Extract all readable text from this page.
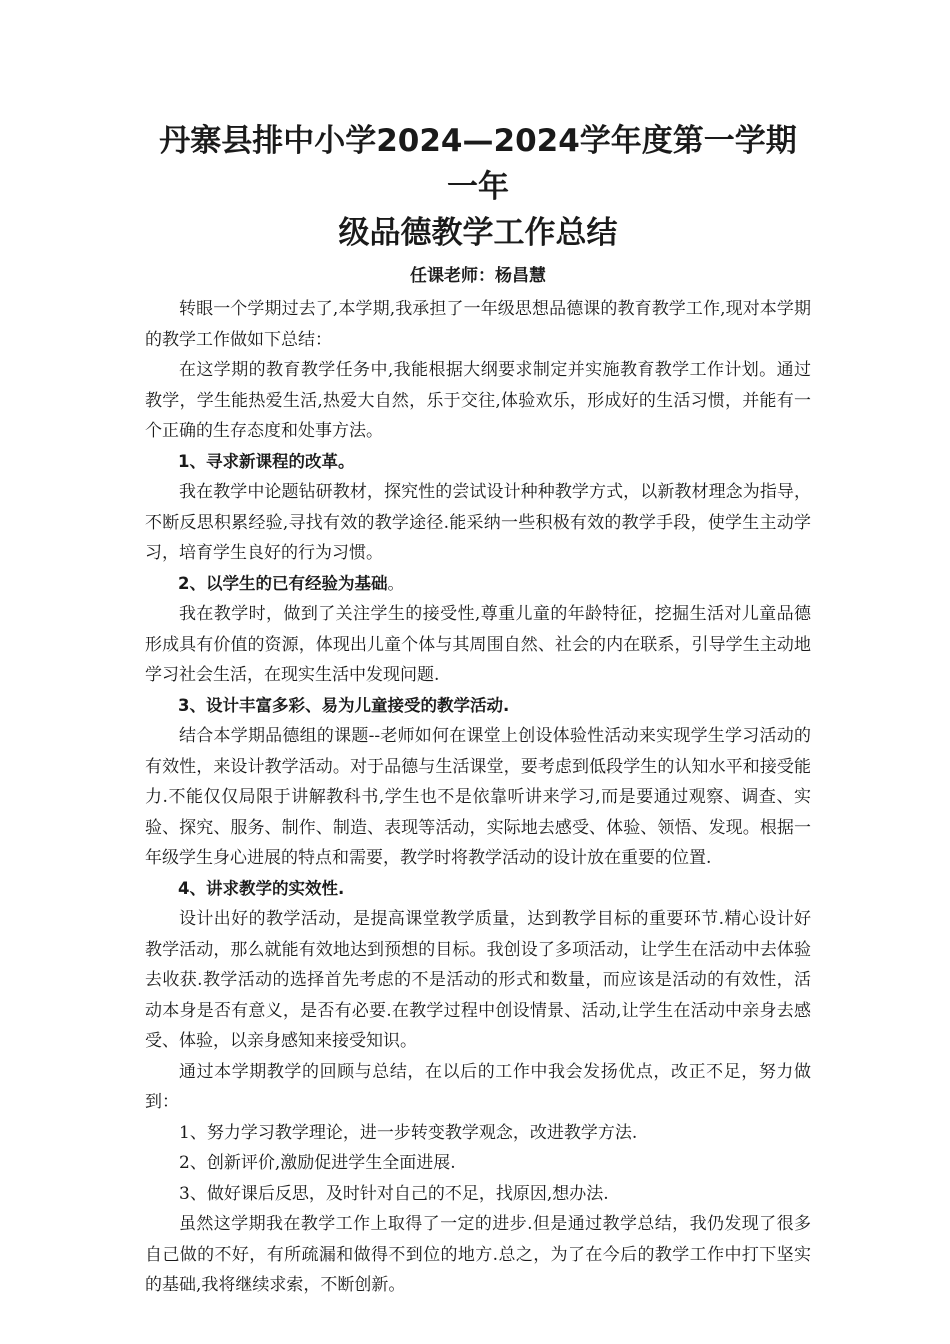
丹寨县排中小学2024—2024学年度第一学期一年
级品德教学工作总结
任课老师：杨昌慧

转眼一个学期过去了,本学期,我承担了一年级思想品德课的教育教学工作,现对本学期的教学工作做如下总结：

在这学期的教育教学任务中,我能根据大纲要求制定并实施教育教学工作计划。通过教学，学生能热爱生活,热爱大自然，乐于交往,体验欢乐，形成好的生活习惯，并能有一个正确的生存态度和处事方法。

1、寻求新课程的改革。

我在教学中论题钻研教材，探究性的尝试设计种种教学方式，以新教材理念为指导，不断反思积累经验,寻找有效的教学途径.能采纳一些积极有效的教学手段，使学生主动学习，培育学生良好的行为习惯。

2、以学生的已有经验为基础。

我在教学时，做到了关注学生的接受性,尊重儿童的年龄特征，挖掘生活对儿童品德形成具有价值的资源，体现出儿童个体与其周围自然、社会的内在联系，引导学生主动地学习社会生活，在现实生活中发现问题.

3、设计丰富多彩、易为儿童接受的教学活动.

结合本学期品德组的课题--老师如何在课堂上创设体验性活动来实现学生学习活动的有效性，来设计教学活动。对于品德与生活课堂，要考虑到低段学生的认知水平和接受能力.不能仅仅局限于讲解教科书,学生也不是依靠听讲来学习,而是要通过观察、调查、实验、探究、服务、制作、制造、表现等活动，实际地去感受、体验、领悟、发现。根据一年级学生身心进展的特点和需要，教学时将教学活动的设计放在重要的位置.

4、讲求教学的实效性.

设计出好的教学活动，是提高课堂教学质量，达到教学目标的重要环节.精心设计好教学活动，那么就能有效地达到预想的目标。我创设了多项活动，让学生在活动中去体验去收获.教学活动的选择首先考虑的不是活动的形式和数量，而应该是活动的有效性，活动本身是否有意义，是否有必要.在教学过程中创设情景、活动,让学生在活动中亲身去感受、体验，以亲身感知来接受知识。

通过本学期教学的回顾与总结，在以后的工作中我会发扬优点，改正不足，努力做到：

1、努力学习教学理论，进一步转变教学观念，改进教学方法.

2、创新评价,激励促进学生全面进展.

3、做好课后反思，及时针对自己的不足，找原因,想办法.

虽然这学期我在教学工作上取得了一定的进步.但是通过教学总结，我仍发现了很多自己做的不好，有所疏漏和做得不到位的地方.总之，为了在今后的教学工作中打下坚实的基础,我将继续求索，不断创新。
